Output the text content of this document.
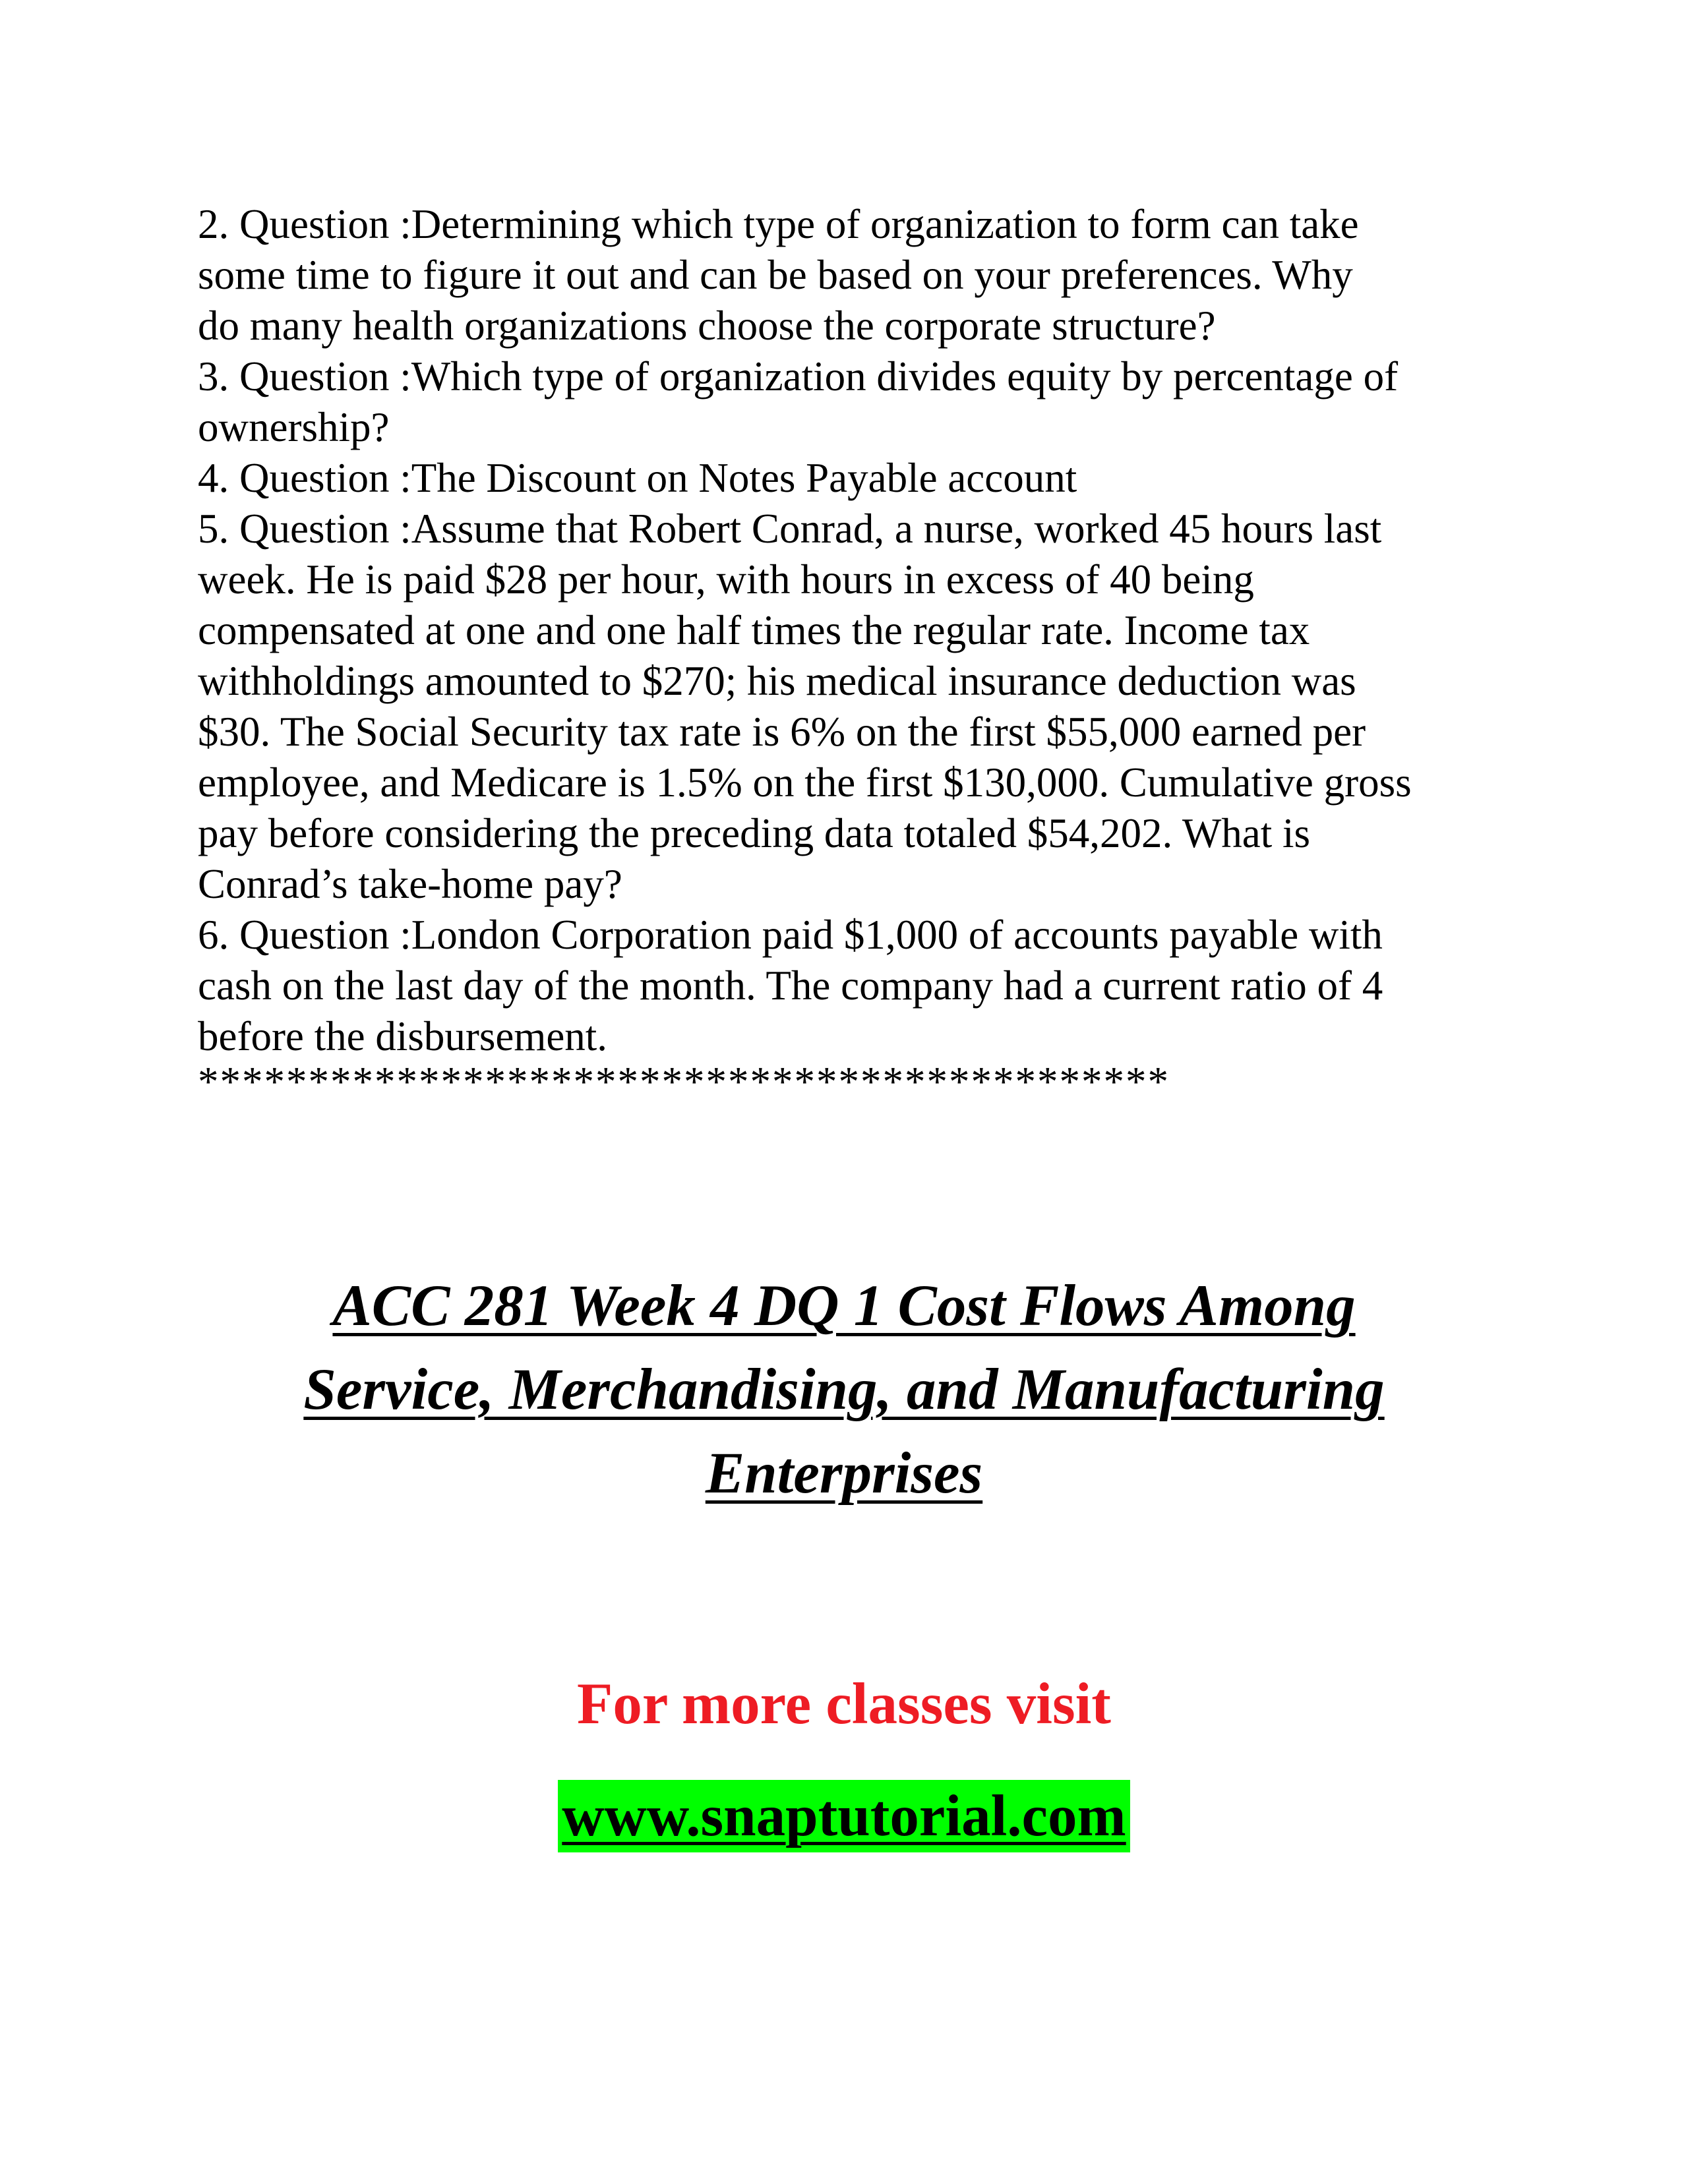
2. Question :Determining which type of organization to form can take
some time to figure it out and can be based on your preferences. Why
do many health organizations choose the corporate structure?
3. Question :Which type of organization divides equity by percentage of
ownership?
4. Question :The Discount on Notes Payable account
5. Question :Assume that Robert Conrad, a nurse, worked 45 hours last
week. He is paid $28 per hour, with hours in excess of 40 being
compensated at one and one half times the regular rate. Income tax
withholdings amounted to $270; his medical insurance deduction was
$30. The Social Security tax rate is 6% on the first $55,000 earned per
employee, and Medicare is 1.5% on the first $130,000. Cumulative gross
pay before considering the preceding data totaled $54,202. What is
Conrad’s take-home pay?
6. Question :London Corporation paid $1,000 of accounts payable with
cash on the last day of the month. The company had a current ratio of 4
before the disbursement.
********************************************
ACC 281 Week 4 DQ 1 Cost Flows Among
Service, Merchandising, and Manufacturing
Enterprises
For more classes visit
www.snaptutorial.com
